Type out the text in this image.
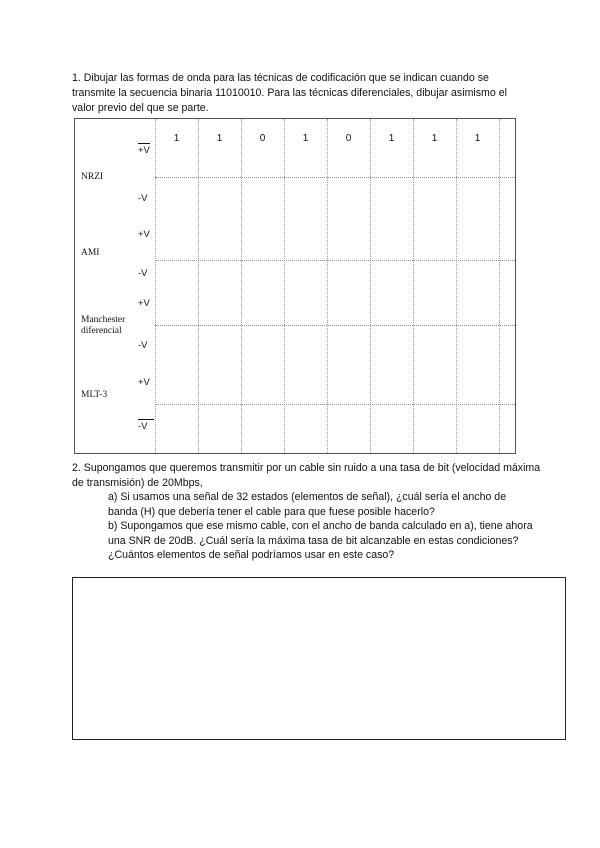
1. Dibujar las formas de onda para las técnicas de codificación que se indican cuando se transmite la secuencia binaria 11010010. Para las técnicas diferenciales, dibujar asimismo el valor previo del que se parte.

1	1	0	1	0	1	1	1
+V
NRZI
-V
+V
AMI
-V
+V
Manchester
diferencial
-V
+V
MLT-3
-V

2. Supongamos que queremos transmitir por un cable sin ruido a una tasa de bit (velocidad máxima de transmisión) de 20Mbps,

a) Si usamos una señal de 32 estados (elementos de señal), ¿cuál sería el ancho de banda (H) que debería tener el cable para que fuese posible hacerlo?

b) Supongamos que ese mismo cable, con el ancho de banda calculado en a), tiene ahora una SNR de 20dB. ¿Cuál sería la máxima tasa de bit alcanzable en estas condiciones? ¿Cuántos elementos de señal podríamos usar en este caso?
